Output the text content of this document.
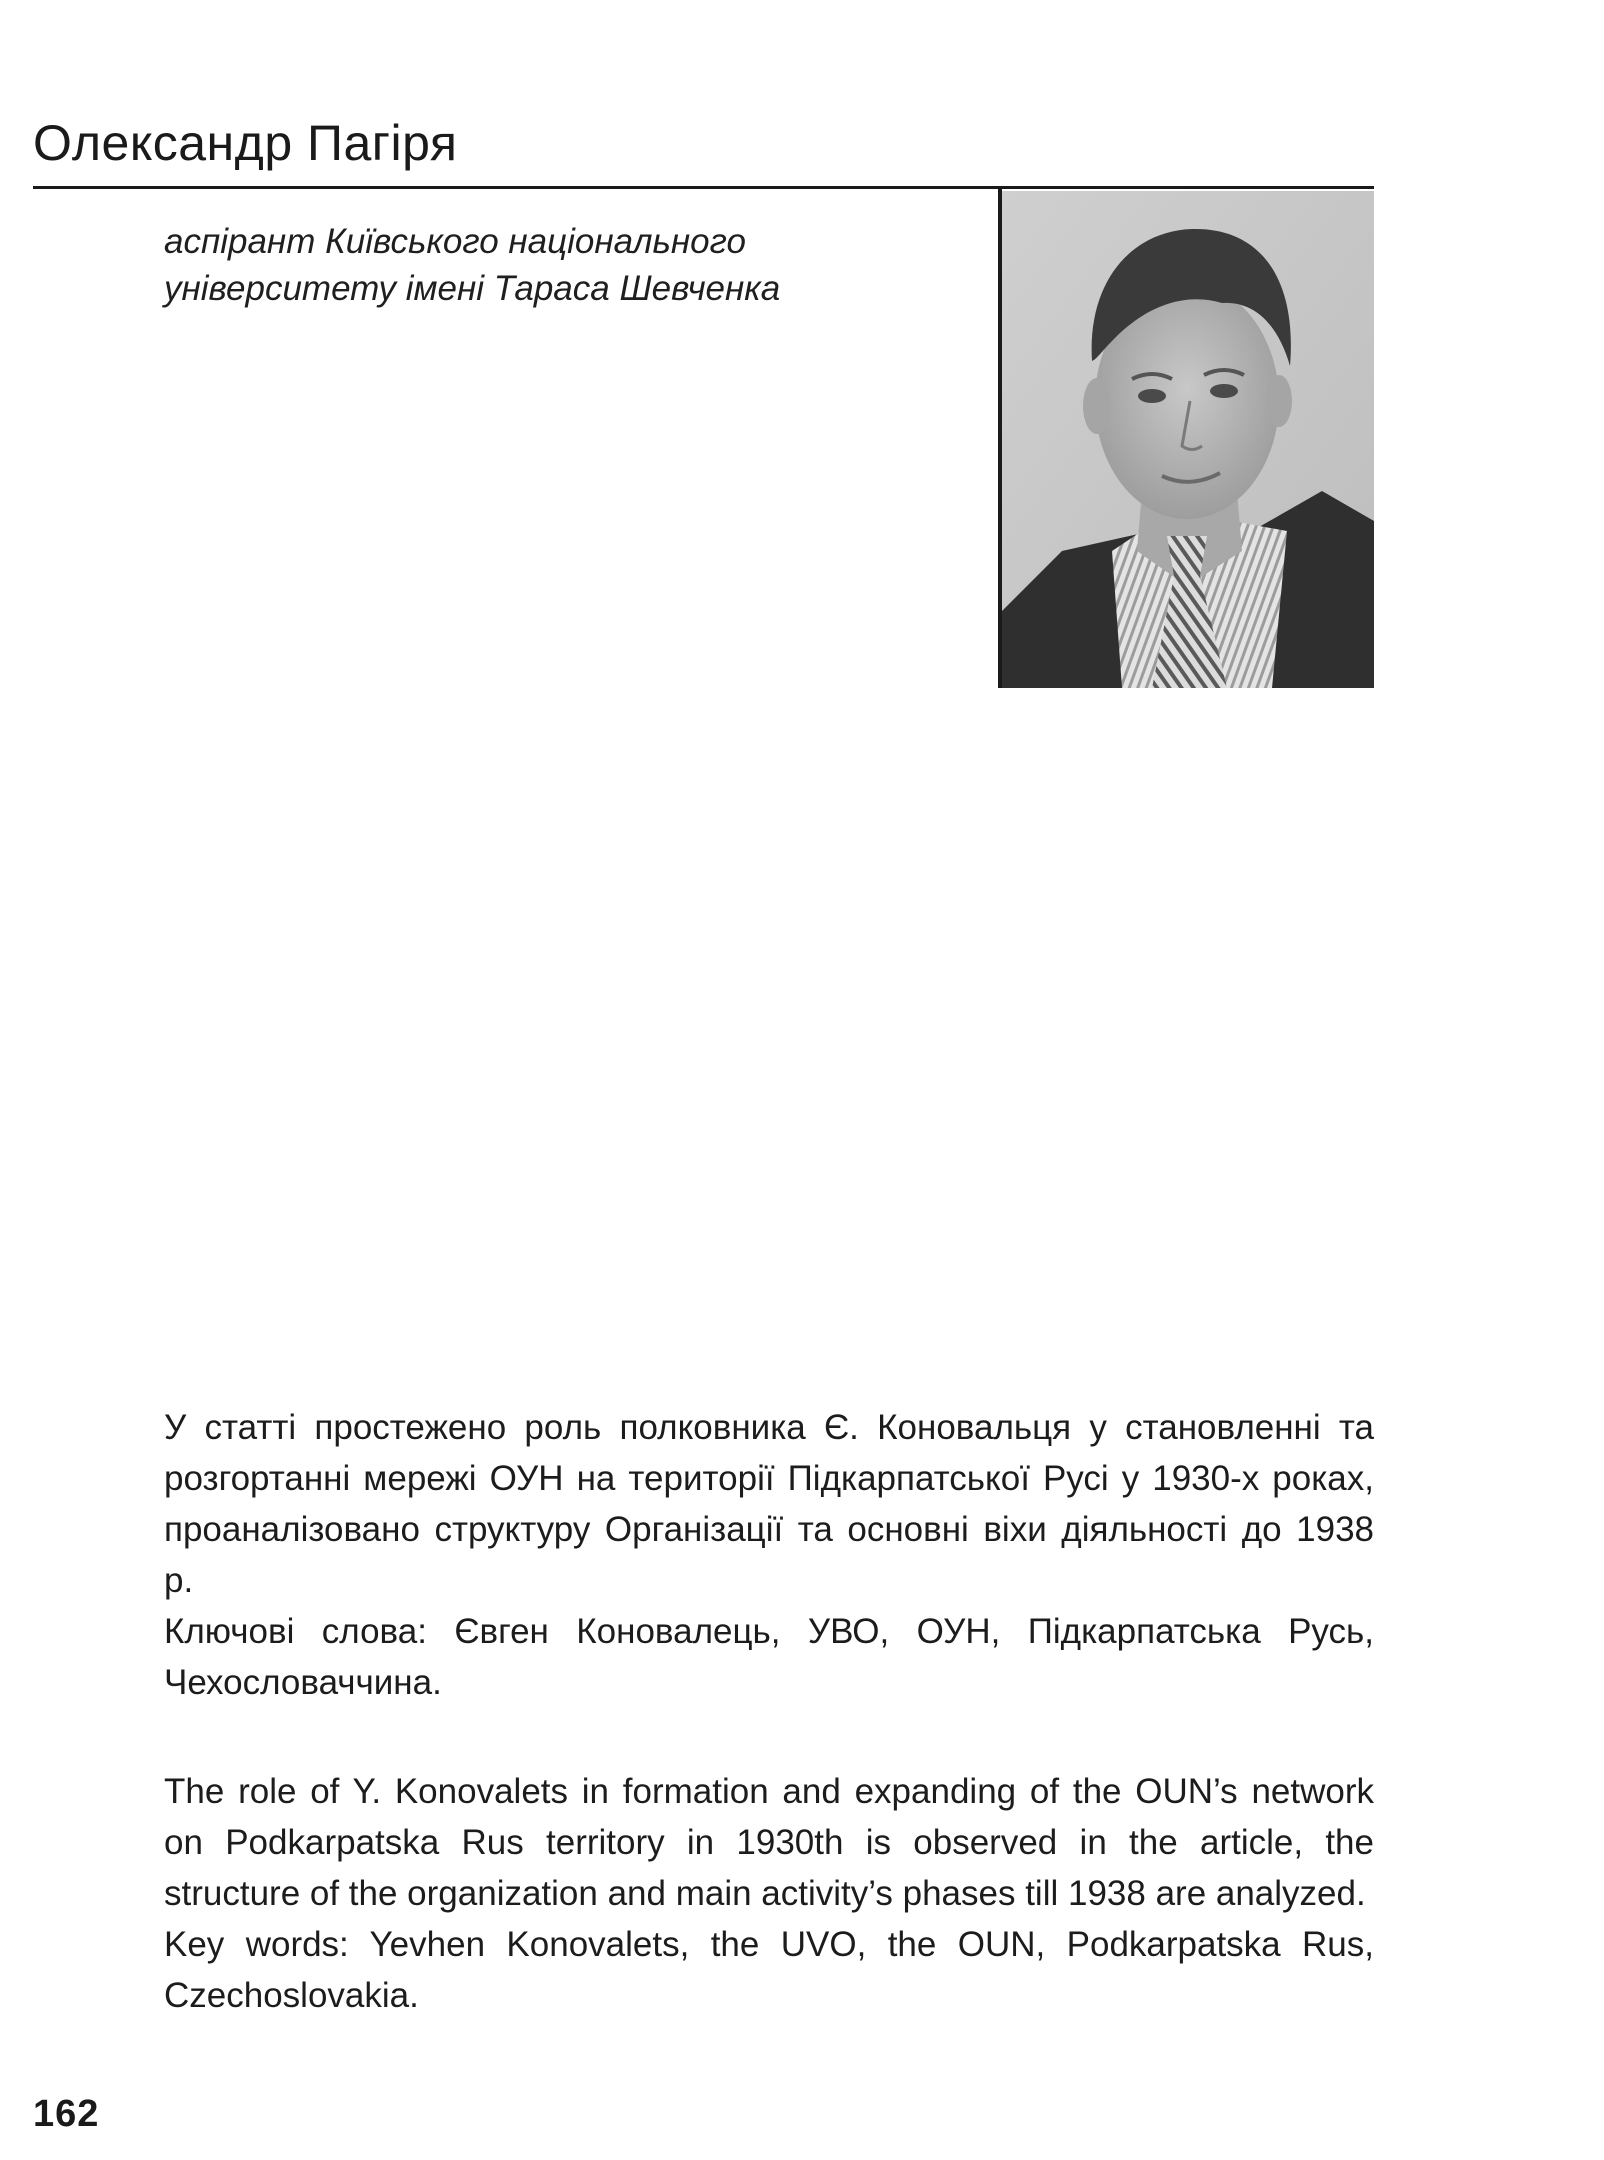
Олександр Пагіря
аспірант Київського національного
університету імені Тараса Шевченка

У статті простежено роль полковника Є. Коновальця у становленні та розгортанні мережі ОУН на території Підкарпатської Русі у 1930-х роках, проаналізовано структуру Організації та основні віхи діяльності до 1938 р.

Ключові слова: Євген Коновалець, УВО, ОУН, Підкарпатська Русь, Чехословаччина.

The role of Y. Konovalets in formation and expanding of the OUN’s network on Podkarpatska Rus territory in 1930th is observed in the article, the structure of the organization and main activity’s phases till 1938 are analyzed.

Key words: Yevhen Konovalets, the UVO, the OUN, Podkarpatska Rus, Czechoslovakia.

162
